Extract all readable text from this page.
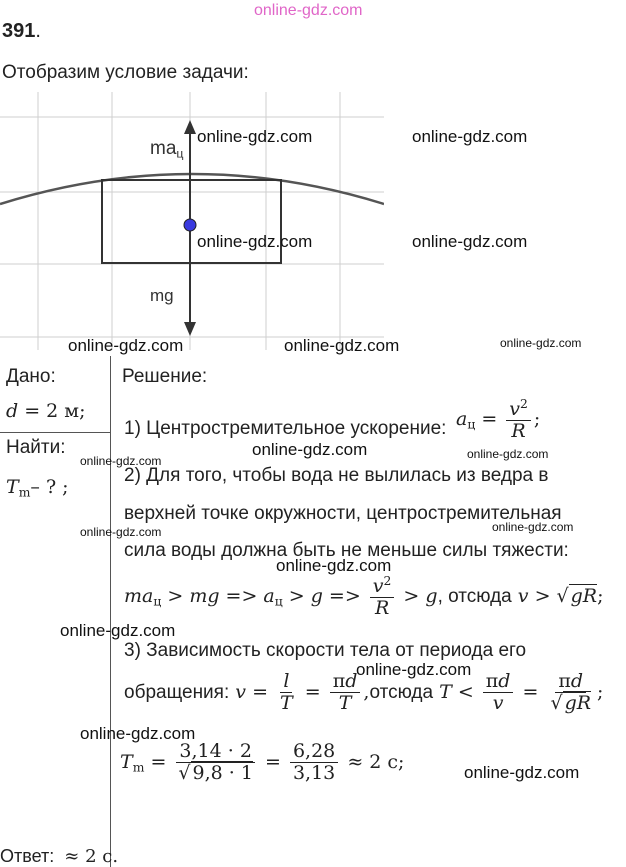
online-gdz.com
391.
Отобразим условие задачи:
$ma_ц$
mg
Дано:
d = 2 м;
Найти:
$T_m-$ ? ;
Решение:
1) Центростремительное ускорение: $a_ц = \frac{v^2}{R}$ ;
2) Для того, чтобы вода не вылилась из ведра в
верхней точке окружности, центростремительная
сила воды должна быть не меньше силы тяжести:
$ma_ц$ > mg => $a_ц > g => \frac{v^2}{R} > g$, отсюда v > √ gR;
3) Зависимость скорости тела от периода его
обращения: $v = \frac{l}{T} = \frac{\pi d}{T}$ ,отсюда $T < \frac{\pi d}{v} = \frac{\pi d}{√ gR}$ ;
$T_m = \frac{3,14 \cdot 2}{√ 9,8 \cdot 1} = \frac{6,28}{3,13} \approx 2$ с;
Ответ: ≈ 2 с.
online-gdz.com	online-gdz.com
online-gdz.com	online-gdz.com
online-gdz.com	online-gdz.com	online-gdz.com
online-gdz.com
online-gdz.com	online-gdz.com
online-gdz.com	online-gdz.com
online-gdz.com
online-gdz.com
online-gdz.com
online-gdz.com
online-gdz.com
